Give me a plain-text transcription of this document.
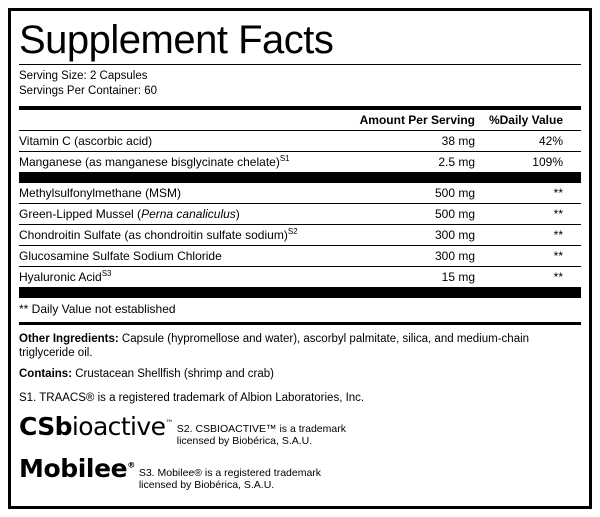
Supplement Facts
Serving Size: 2 Capsules
Servings Per Container: 60
	Amount Per Serving	%Daily Value
Vitamin C (ascorbic acid)	38 mg	42%
Manganese (as manganese bisglycinate chelate)$^{S1}$	2.5 mg	109%
Methylsulfonylmethane (MSM)	500 mg	**
Green-Lipped Mussel (Perna canaliculus)	500 mg	**
Chondroitin Sulfate (as chondroitin sulfate sodium)$^{S2}$	300 mg	**
Glucosamine Sulfate Sodium Chloride	300 mg	**
Hyaluronic Acid$^{S3}$	15 mg	**
** Daily Value not established
Other Ingredients: Capsule (hypromellose and water), ascorbyl palmitate, silica, and medium-chain triglyceride oil.
Contains: Crustacean Shellfish (shrimp and crab)
S1. TRAACS® is a registered trademark of Albion Laboratories, Inc.
CSbioactive™ S2. CSBIOACTIVE™ is a trademark
licensed by Biobérica, S.A.U.
Mobilee®
S3. Mobilee® is a registered trademark
licensed by Biobérica, S.A.U.
